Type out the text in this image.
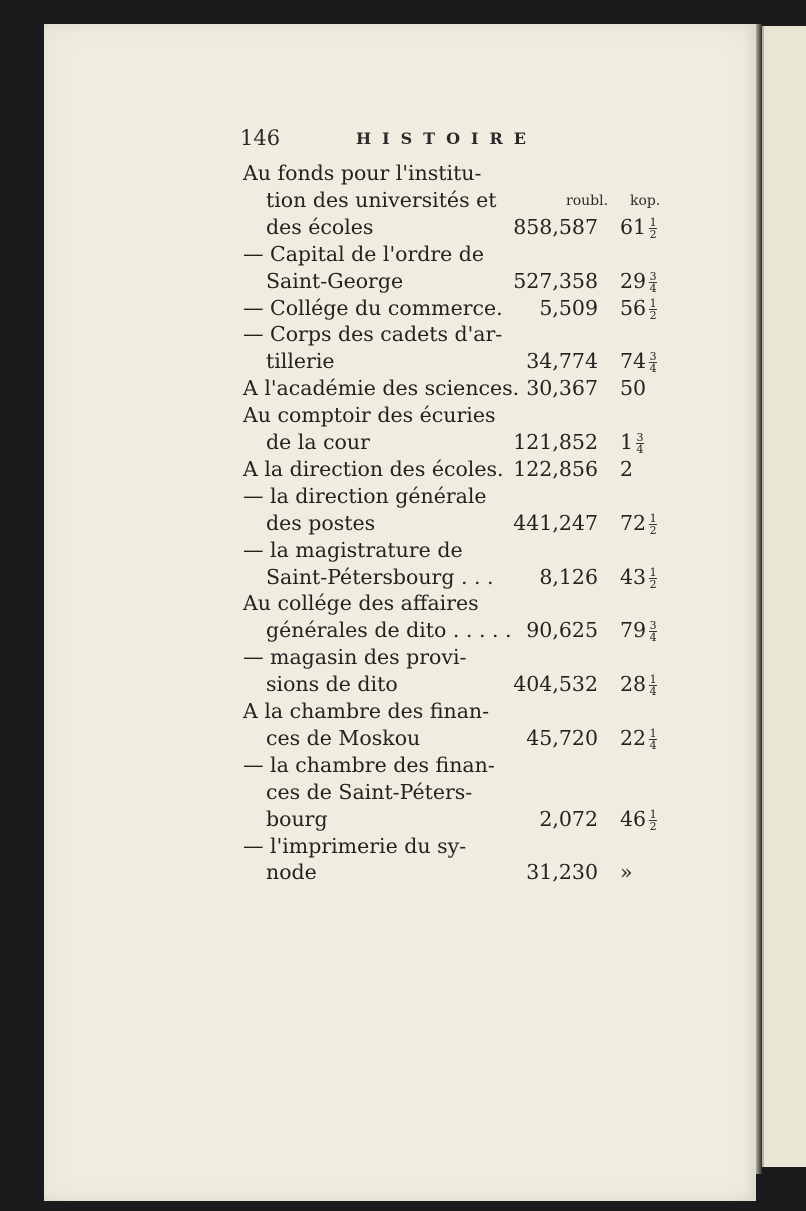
146	HISTOIRE
roubl. kop.
Au fonds pour l'institu-
tion des universités et
des écoles	858,587 $61 \frac{1}{2}$
— Capital de l'ordre de
Saint-George	527,358 $29 \frac{3}{4}$
— Collége du commerce.	5,509 $56 \frac{1}{2}$
— Corps des cadets d'ar-
tillerie	34,774 $74 \frac{3}{4}$
A l'académie des sciences. 30,367 50
Au comptoir des écuries
de la cour	121,852 $1 \frac{3}{4}$
A la direction des écoles. 122,856 2
— la direction générale
des postes	441,247 $72 \frac{1}{2}$
— la magistrature de
Saint-Pétersbourg . . .	8,126 $43 \frac{1}{2}$
Au collége des affaires
générales de dito . . . . . 90,625 $79 \frac{3}{4}$
— magasin des provi-
sions de dito	404,532 $28 \frac{1}{4}$
A la chambre des finan-
ces de Moskou	45,720 $22 \frac{1}{4}$
— la chambre des finan-
ces de Saint-Péters-
bourg	2,072 $46 \frac{1}{2}$
— l'imprimerie du sy-
node	31,230 »
